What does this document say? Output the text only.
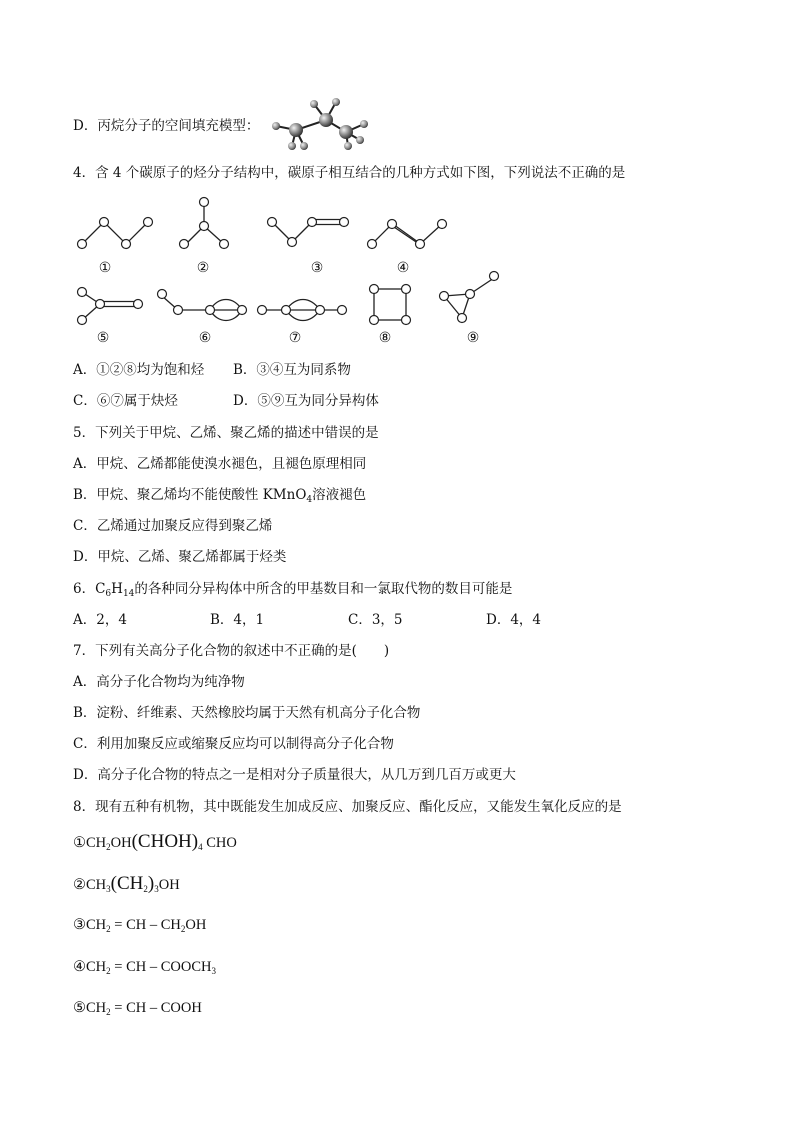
D．丙烷分子的空间填充模型：
4．含 4 个碳原子的烃分子结构中，碳原子相互结合的几种方式如下图，下列说法不正确的是
①	②	③	④
⑤	⑥	⑦	⑧	⑨
A．①②⑧均为饱和烃 B．③④互为同系物
C．⑥⑦属于炔烃	D．⑤⑨互为同分异构体
5．下列关于甲烷、乙烯、聚乙烯的描述中错误的是
A．甲烷、乙烯都能使溴水褪色，且褪色原理相同
B．甲烷、聚乙烯均不能使酸性 KMnO$_4$溶液褪色
C．乙烯通过加聚反应得到聚乙烯
D．甲烷、乙烯、聚乙烯都属于烃类
6．$C_6H_{14}$的各种同分异构体中所含的甲基数目和一氯取代物的数目可能是
A．2，4	B．4，1	C．3，5	D．4，4
7．下列有关高分子化合物的叙述中不正确的是(　　)
A．高分子化合物均为纯净物
B．淀粉、纤维素、天然橡胶均属于天然有机高分子化合物
C．利用加聚反应或缩聚反应均可以制得高分子化合物
D．高分子化合物的特点之一是相对分子质量很大，从几万到几百万或更大
8．现有五种有机物，其中既能发生加成反应、加聚反应、酯化反应，又能发生氧化反应的是
$①CH_2OH(CHOH)_4$ CHO
$②CH_3(CH_2)_3OH$
$③CH_2$ = CH – $CH_2OH$
$④CH_2$ = CH – $COOCH_3$
$⑤CH_2$ = CH – COOH
